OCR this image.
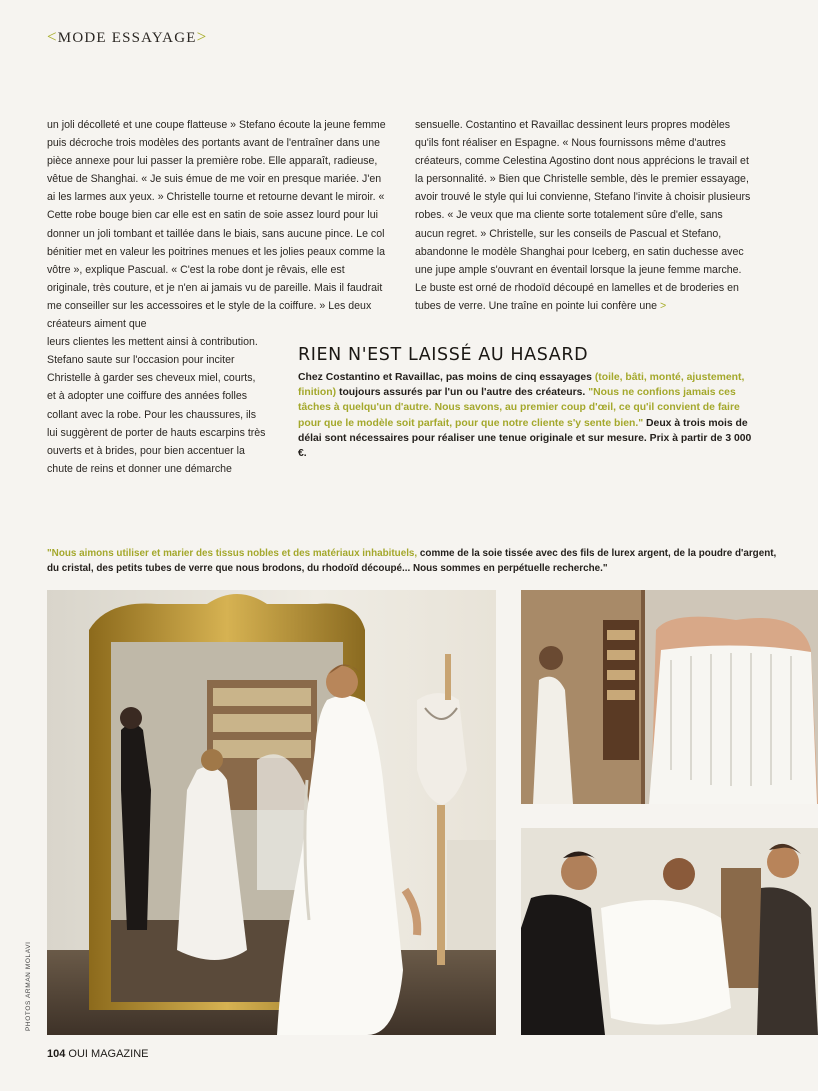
<MODE ESSAYAGE>

un joli décolleté et une coupe flatteuse » Stefano écoute la jeune femme puis décroche trois modèles des portants avant de l'entraîner dans une pièce annexe pour lui passer la première robe. Elle apparaît, radieuse, vêtue de Shanghai. « Je suis émue de me voir en presque mariée. J'en ai les larmes aux yeux. » Christelle tourne et retourne devant le miroir. « Cette robe bouge bien car elle est en satin de soie assez lourd pour lui donner un joli tombant et taillée dans le biais, sans aucune pince. Le col bénitier met en valeur les poitrines menues et les jolies peaux comme la vôtre », explique Pascual. « C'est la robe dont je rêvais, elle est originale, très couture, et je n'en ai jamais vu de pareille. Mais il faudrait me conseiller sur les accessoires et le style de la coiffure. » Les deux créateurs aiment que

leurs clientes les mettent ainsi à contribution. Stefano saute sur l'occasion pour inciter Christelle à garder ses cheveux miel, courts, et à adopter une coiffure des années folles collant avec la robe. Pour les chaussures, ils lui suggèrent de porter de hauts escarpins très ouverts et à brides, pour bien accentuer la chute de reins et donner une démarche

sensuelle. Costantino et Ravaillac dessinent leurs propres modèles qu'ils font réaliser en Espagne. « Nous fournissons même d'autres créateurs, comme Celestina Agostino dont nous apprécions le travail et la personnalité. » Bien que Christelle semble, dès le premier essayage, avoir trouvé le style qui lui convienne, Stefano l'invite à choisir plusieurs robes. « Je veux que ma cliente sorte totalement sûre d'elle, sans aucun regret. » Christelle, sur les conseils de Pascual et Stefano, abandonne le modèle Shanghai pour Iceberg, en satin duchesse avec une jupe ample s'ouvrant en éventail lorsque la jeune femme marche. Le buste est orné de rhodoïd découpé en lamelles et de broderies en tubes de verre. Une traîne en pointe lui confère une >

RIEN N'EST LAISSÉ AU HASARD

Chez Costantino et Ravaillac, pas moins de cinq essayages (toile, bâti, monté, ajustement, finition) toujours assurés par l'un ou l'autre des créateurs. "Nous ne confions jamais ces tâches à quelqu'un d'autre. Nous savons, au premier coup d'œil, ce qu'il convient de faire pour que le modèle soit parfait, pour que notre cliente s'y sente bien." Deux à trois mois de délai sont nécessaires pour réaliser une tenue originale et sur mesure. Prix à partir de 3 000 €.

"Nous aimons utiliser et marier des tissus nobles et des matériaux inhabituels, comme de la soie tissée avec des fils de lurex argent, de la poudre d'argent, du cristal, des petits tubes de verre que nous brodons, du rhodoïd découpé... Nous sommes en perpétuelle recherche."
PHOTOS ARMAN MOLAVI
104 OUI MAGAZINE
